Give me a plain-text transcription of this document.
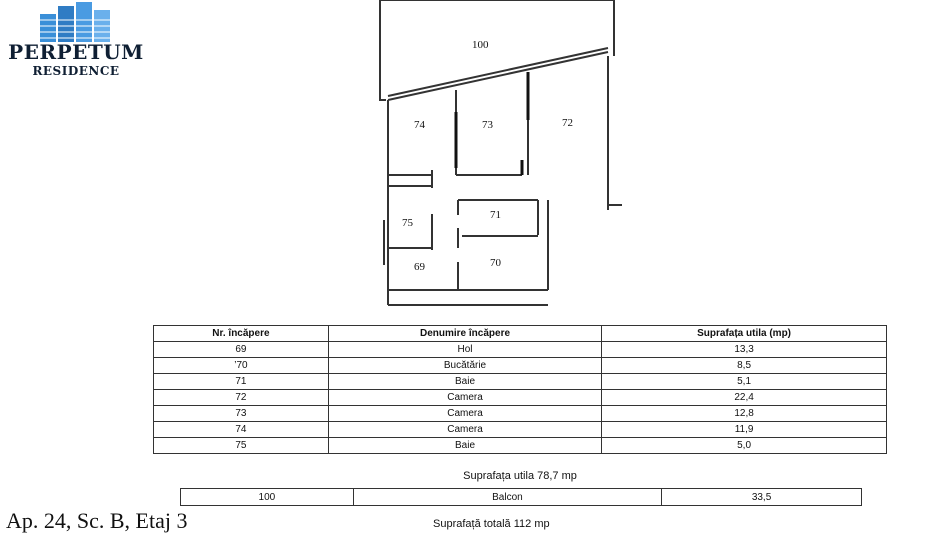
PERPETUM
RESIDENCE
100
74	73	72
75
71
69	70
Nr. încăpere	Denumire încăpere	Suprafața utila (mp)
69	Hol	13,3
’70	Bucătărie	8,5
71	Baie	5,1
72	Camera	22,4
73	Camera	12,8
74	Camera	11,9
75	Baie	5,0
Suprafața utila 78,7 mp
100	Balcon	33,5
Ap. 24, Sc. B, Etaj 3	Suprafață totală 112 mp
